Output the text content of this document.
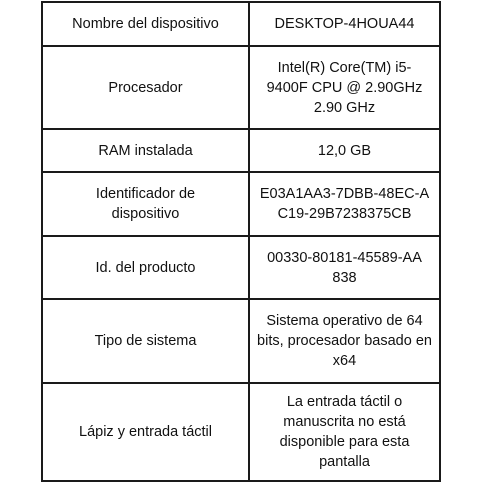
Nombre del dispositivo	DESKTOP-4HOUA44
Procesador	Intel(R) Core(TM) i5-9400F CPU @ 2.90GHz 2.90 GHz
RAM instalada	12,0 GB
Identificador de dispositivo	E03A1AA3-7DBB-48EC-AC19-29B7238375CB
Id. del producto	00330-80181-45589-AA838
Tipo de sistema	Sistema operativo de 64 bits, procesador basado en x64
Lápiz y entrada táctil	La entrada táctil o manuscrita no está disponible para esta pantalla
